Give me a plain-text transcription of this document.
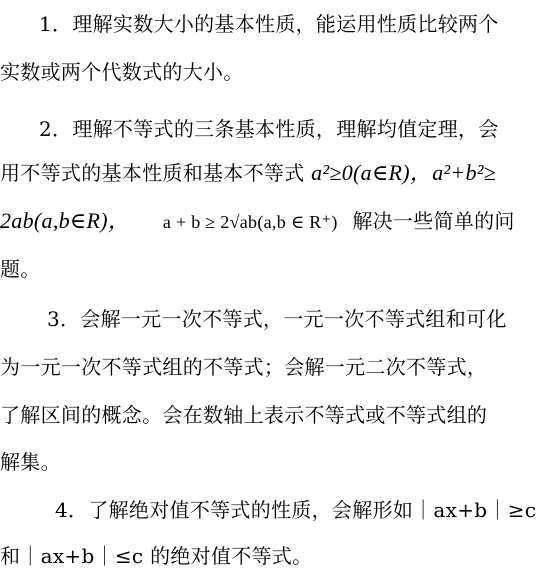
1．理解实数大小的基本性质，能运用性质比较两个
实数或两个代数式的大小。
2．理解不等式的三条基本性质，理解均值定理，会
用不等式的基本性质和基本不等式 a²≥0(a∈R)，a²+b²≥
2ab(a,b∈R)， a + b ≥ 2√ab(a,b ∈ R⁺) 解决一些简单的问
题。
3．会解一元一次不等式，一元一次不等式组和可化
为一元一次不等式组的不等式；会解一元二次不等式，
了解区间的概念。会在数轴上表示不等式或不等式组的
解集。
4．了解绝对值不等式的性质，会解形如｜ax+b｜≥c
和｜ax+b｜≤c 的绝对值不等式。
